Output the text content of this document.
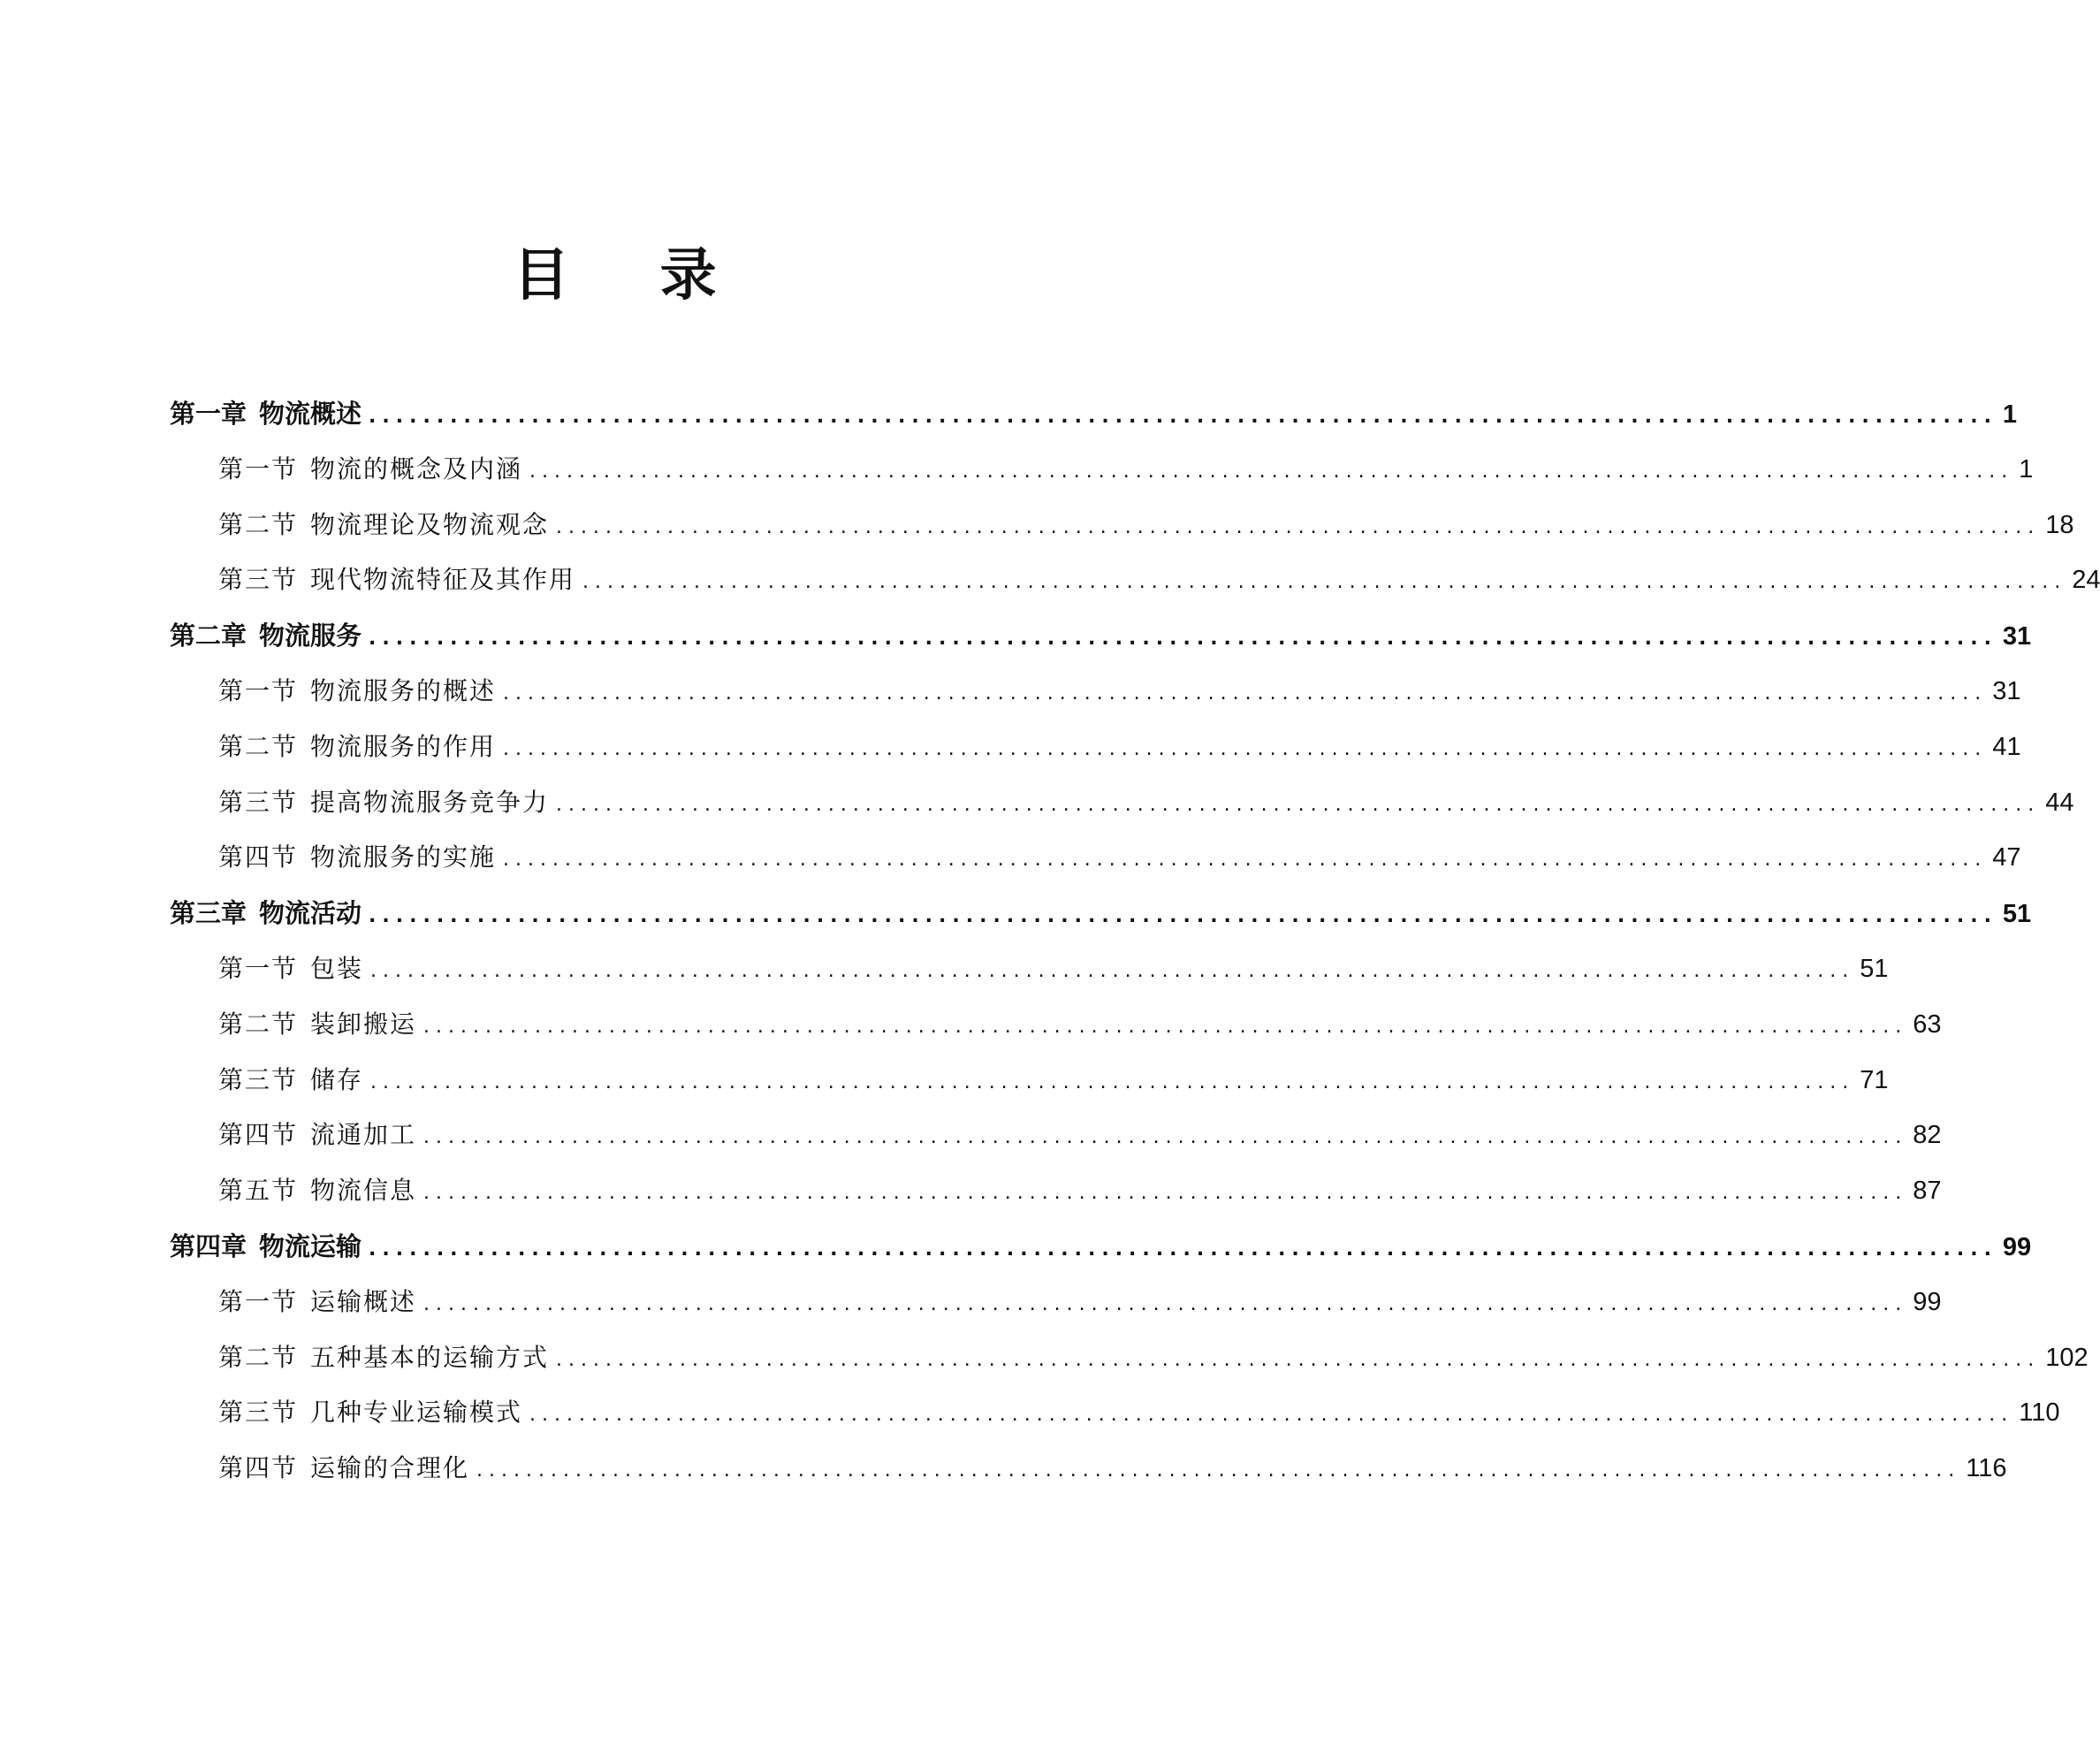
目 录
第一章 物流概述 ........................................................................................................................ 1
第一节 物流的概念及内涵 ........................................................................................................................ 1
第二节 物流理论及物流观念 ........................................................................................................................ 18
第三节 现代物流特征及其作用 ........................................................................................................................ 24
第二章 物流服务 ........................................................................................................................ 31
第一节 物流服务的概述 ........................................................................................................................ 31
第二节 物流服务的作用 ........................................................................................................................ 41
第三节 提高物流服务竞争力 ........................................................................................................................ 44
第四节 物流服务的实施 ........................................................................................................................ 47
第三章 物流活动 ........................................................................................................................ 51
第一节 包装 ........................................................................................................................ 51
第二节 装卸搬运 ........................................................................................................................ 63
第三节 储存 ........................................................................................................................ 71
第四节 流通加工 ........................................................................................................................ 82
第五节 物流信息 ........................................................................................................................ 87
第四章 物流运输 ........................................................................................................................ 99
第一节 运输概述 ........................................................................................................................ 99
第二节 五种基本的运输方式 ........................................................................................................................ 102
第三节 几种专业运输模式 ........................................................................................................................ 110
第四节 运输的合理化 ........................................................................................................................ 116
